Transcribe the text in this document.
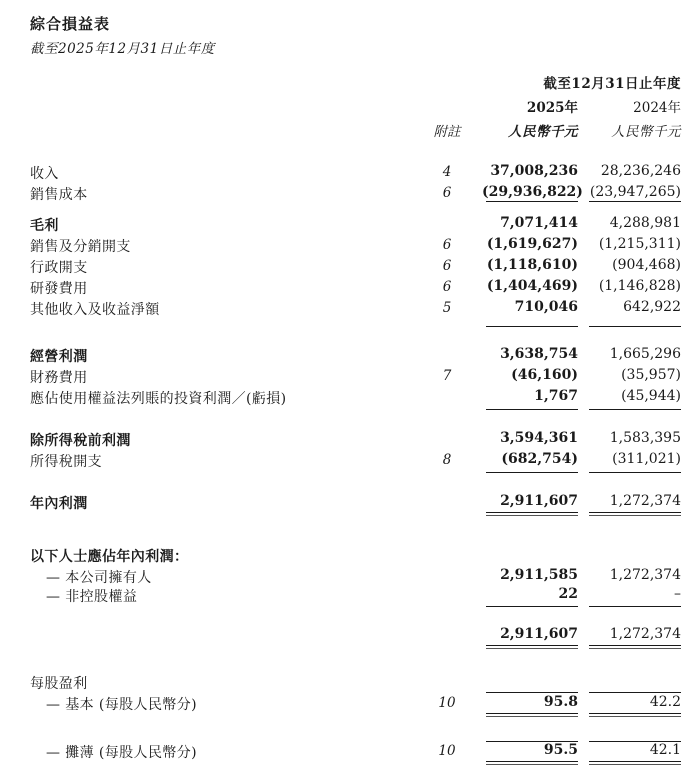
綜合損益表
截至2025年12月31日止年度
截至12月31日止年度
2025年	2024年
附註	人民幣千元	人民幣千元
收入	4	37,008,236	28,236,246
銷售成本	6	(29,936,822) (23,947,265)
毛利	7,071,414	4,288,981
銷售及分銷開支	6	(1,619,627)	(1,215,311)
行政開支	6	(1,118,610)	(904,468)
研發費用	6	(1,404,469)	(1,146,828)
其他收入及收益淨額	5	710,046	642,922
經營利潤	3,638,754	1,665,296
財務費用	7	(46,160)	(35,957)
應佔使用權益法列賬的投資利潤／(虧損)	1,767	(45,944)
除所得稅前利潤	3,594,361	1,583,395
所得稅開支	8	(682,754)	(311,021)
年內利潤	2,911,607	1,272,374
以下人士應佔年內利潤：
— 本公司擁有人	2,911,585	1,272,374
— 非控股權益	22	–
2,911,607	1,272,374
每股盈利
— 基本 (每股人民幣分)	10	95.8	42.2
— 攤薄 (每股人民幣分)	10	95.5	42.1
